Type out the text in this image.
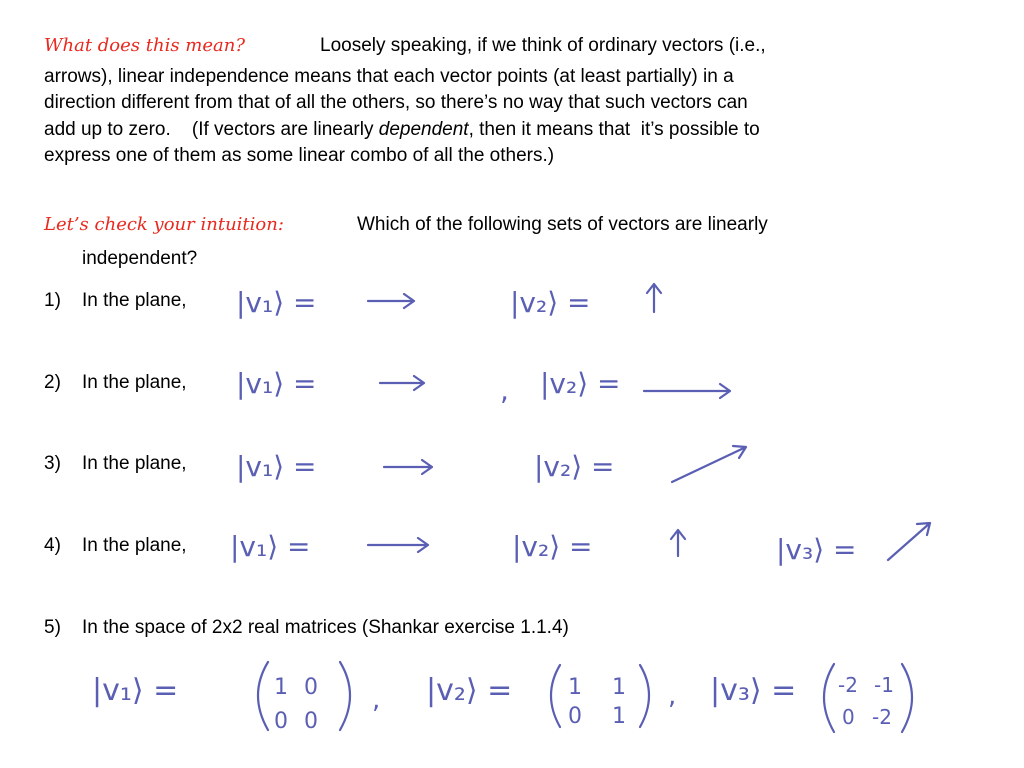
What does this mean?	Loosely speaking, if we think of ordinary vectors (i.e.,
arrows), linear independence means that each vector points (at least partially) in a
direction different from that of all the others, so there’s no way that such vectors can
add up to zero.    (If vectors are linearly dependent, then it means that  it’s possible to
express one of them as some linear combo of all the others.)
Let’s check your intuition:	Which of the following sets of vectors are linearly
independent?
1) In the plane,
2) In the plane,
3) In the plane,
4) In the plane,
5) In the space of 2x2 real matrices (Shankar exercise 1.1.4)
|v₁⟩ =	|v₂⟩ =
|v₁⟩ =	, |v₂⟩ =
|v₁⟩ =	|v₂⟩ =
|v₁⟩ =	|v₂⟩ =	|v₃⟩ =
|v₁⟩ =	1 0
0 0
, |v₂⟩ =	1 1
0 1
, |v₃⟩ = -2 -1
0 -2
